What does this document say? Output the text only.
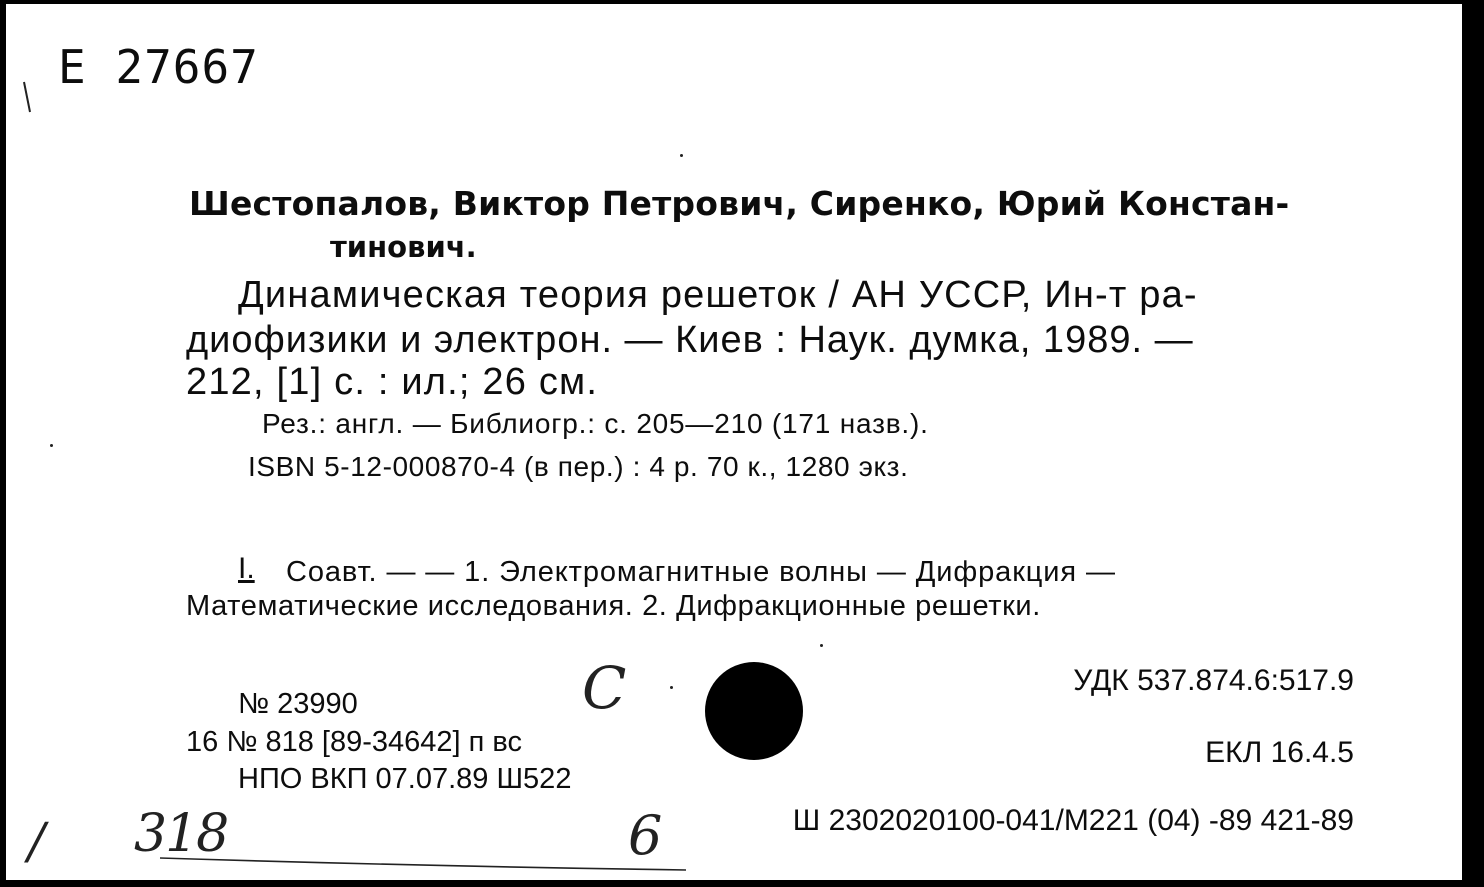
E 27667
Шестопалов, Виктор Петрович, Сиренко, Юрий Констан-
тинович.
Динамическая теория решеток / АН УССР, Ин-т ра-
диофизики и электрон. — Киев : Наук. думка, 1989. —
212, [1] с. : ил.; 26 см.
Рез.: англ. — Библиогр.: с. 205—210 (171 назв.).
ISBN 5-12-000870-4 (в пер.) : 4 р. 70 к., 1280 экз.
I. Соавт. — — 1. Электромагнитные волны — Дифракция —
Математические исследования. 2. Дифракционные решетки.
№ 23990
16 № 818 [89-34642] п вс
НПО ВКП 07.07.89 Ш522
С	УДК 537.874.6:517.9
ЕКЛ 16.4.5
Ш 2302020100-041/М221 (04) -89 421-89
/ 318	6
